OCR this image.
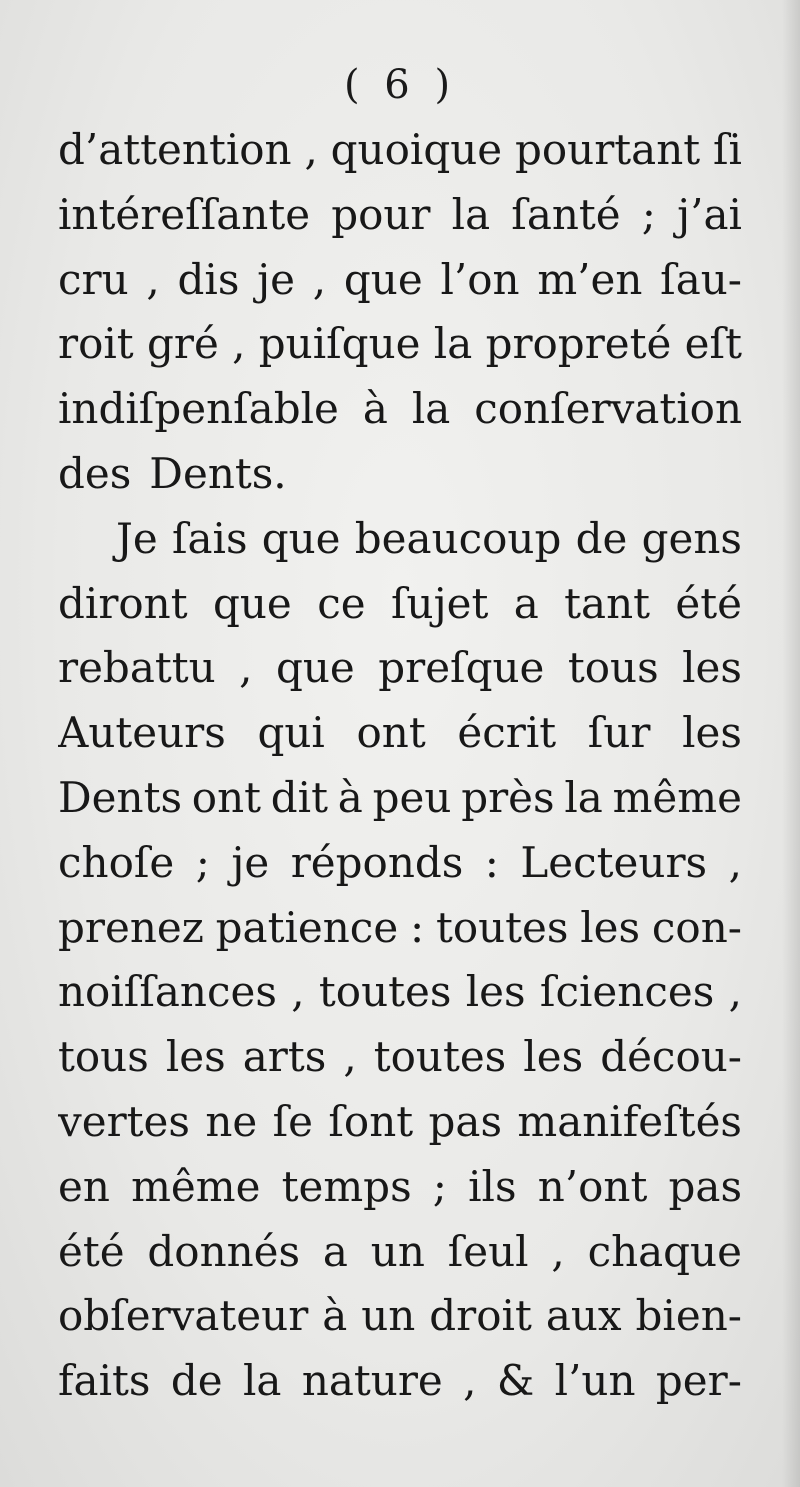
( 6 )
d’attention , quoique pourtant ſi
intéreſſante pour la ſanté ; j’ai
cru , dis je , que l’on m’en ſau-
roit gré , puiſque la propreté eſt
indiſpenſable à la conſervation
des Dents.
Je ſais que beaucoup de gens
diront que ce ſujet a tant été
rebattu , que preſque tous les
Auteurs qui ont écrit ſur les
Dents ont dit à peu près la même
choſe ; je réponds : Lecteurs ,
prenez patience : toutes les con-
noiſſances , toutes les ſciences ,
tous les arts , toutes les décou-
vertes ne ſe ſont pas manifeſtés
en même temps ; ils n’ont pas
été donnés a un ſeul , chaque
obſervateur à un droit aux bien-
faits de la nature , & l’un per-
